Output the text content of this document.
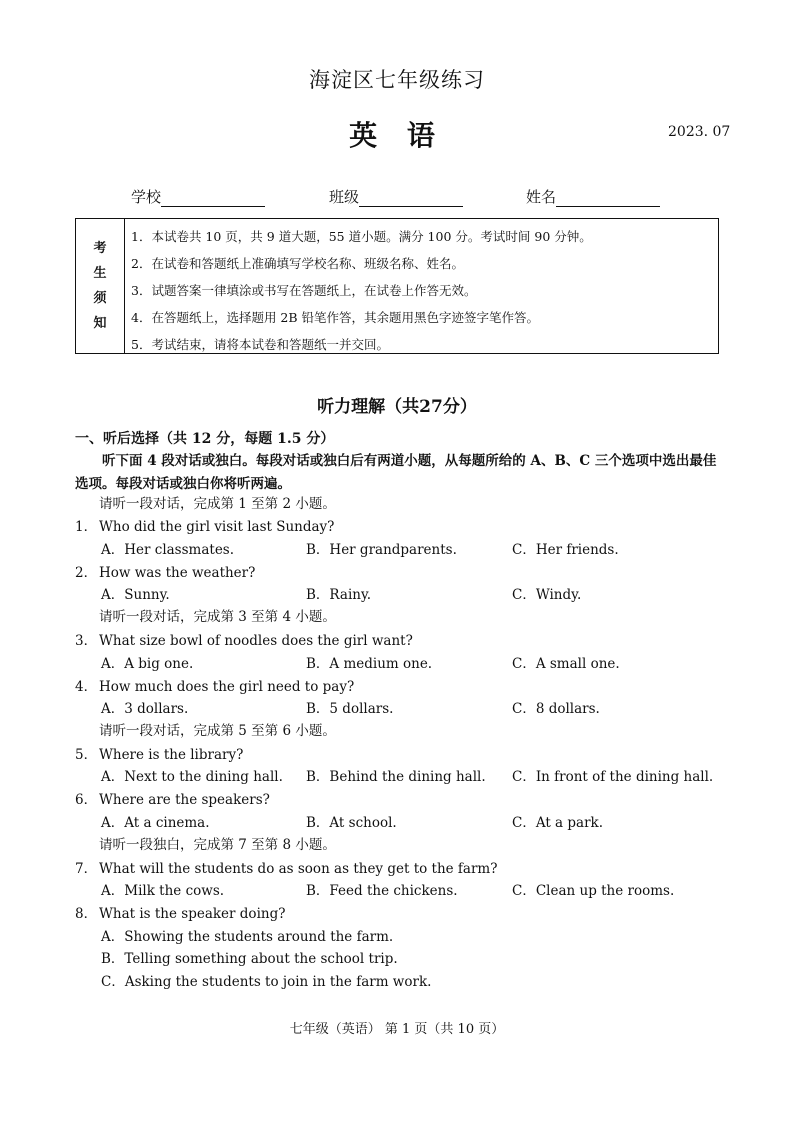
海淀区七年级练习
英 语	2023. 07
学校	班级	姓名
考
生
须
知
1．本试卷共 10 页，共 9 道大题，55 道小题。满分 100 分。考试时间 90 分钟。
2．在试卷和答题纸上准确填写学校名称、班级名称、姓名。
3．试题答案一律填涂或书写在答题纸上，在试卷上作答无效。
4．在答题纸上，选择题用 2B 铅笔作答，其余题用黑色字迹签字笔作答。
5．考试结束，请将本试卷和答题纸一并交回。
听力理解（共27分）
一、听后选择（共 12 分，每题 1.5 分）
听下面 4 段对话或独白。每段对话或独白后有两道小题，从每题所给的 A、B、C 三个选项中选出最佳选项。每段对话或独白你将听两遍。
请听一段对话，完成第 1 至第 2 小题。
请听一段对话，完成第 3 至第 4 小题。
请听一段对话，完成第 5 至第 6 小题。
请听一段独白，完成第 7 至第 8 小题。
1． Who did the girl visit last Sunday?
A．Her classmates.	B．Her grandparents.	C．Her friends.
2． How was the weather?
A．Sunny.	B．Rainy.	C．Windy.
3． What size bowl of noodles does the girl want?
A．A big one.	B．A medium one.	C．A small one.
4． How much does the girl need to pay?
A．3 dollars.	B．5 dollars.	C．8 dollars.
5． Where is the library?
A．Next to the dining hall. B．Behind the dining hall. C．In front of the dining hall.
6． Where are the speakers?
A．At a cinema.	B．At school.	C．At a park.
7． What will the students do as soon as they get to the farm?
A．Milk the cows.	B．Feed the chickens.	C．Clean up the rooms.
8． What is the speaker doing?
A．Showing the students around the farm.
B．Telling something about the school trip.
C．Asking the students to join in the farm work.
七年级（英语） 第 1 页（共 10 页）
